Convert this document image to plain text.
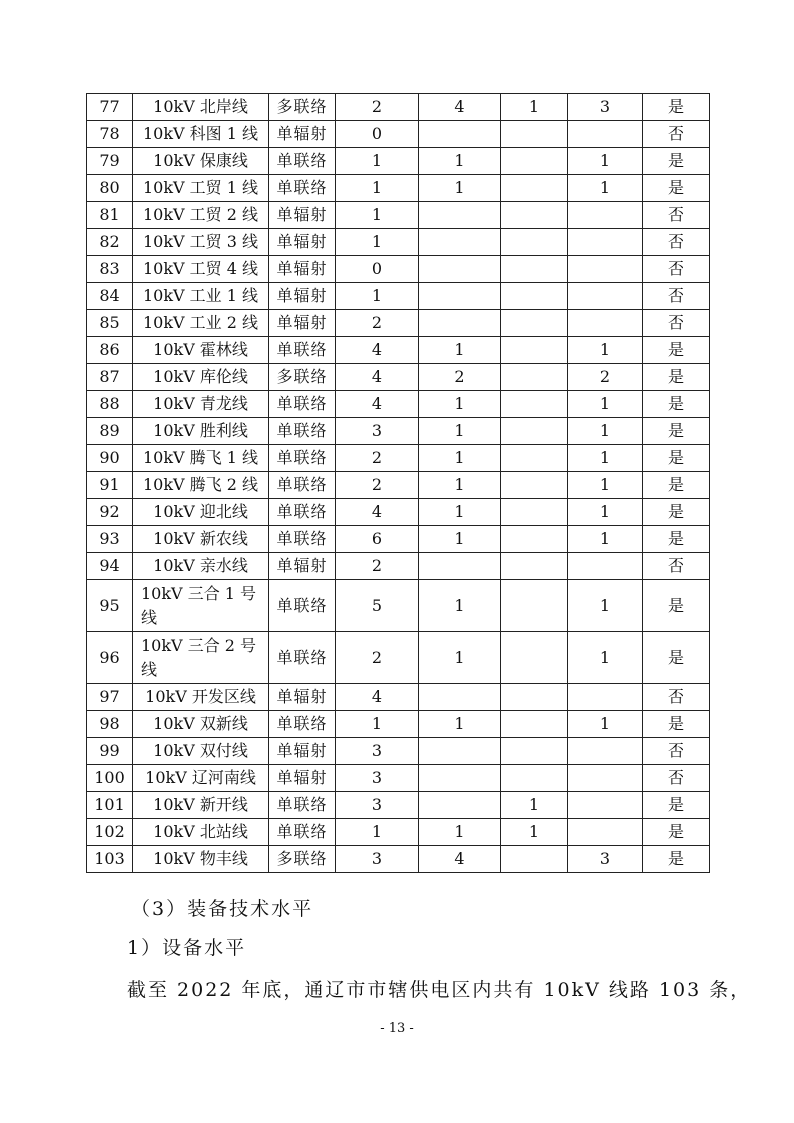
77	10kV 北岸线	多联络	2	4	1	3	是
78	10kV 科图 1 线	单辐射	0				否
79	10kV 保康线	单联络	1	1		1	是
80	10kV 工贸 1 线	单联络	1	1		1	是
81	10kV 工贸 2 线	单辐射	1				否
82	10kV 工贸 3 线	单辐射	1				否
83	10kV 工贸 4 线	单辐射	0				否
84	10kV 工业 1 线	单辐射	1				否
85	10kV 工业 2 线	单辐射	2				否
86	10kV 霍林线	单联络	4	1		1	是
87	10kV 库伦线	多联络	4	2		2	是
88	10kV 青龙线	单联络	4	1		1	是
89	10kV 胜利线	单联络	3	1		1	是
90	10kV 腾飞 1 线	单联络	2	1		1	是
91	10kV 腾飞 2 线	单联络	2	1		1	是
92	10kV 迎北线	单联络	4	1		1	是
93	10kV 新农线	单联络	6	1		1	是
94	10kV 亲水线	单辐射	2				否
95	10kV 三合 1 号线	单联络	5	1		1	是
96	10kV 三合 2 号线	单联络	2	1		1	是
97	10kV 开发区线	单辐射	4				否
98	10kV 双新线	单联络	1	1		1	是
99	10kV 双付线	单辐射	3				否
100	10kV 辽河南线	单辐射	3				否
101	10kV 新开线	单联络	3		1		是
102	10kV 北站线	单联络	1	1	1		是
103	10kV 物丰线	多联络	3	4		3	是
（3）装备技术水平
1）设备水平
截至 2022 年底，通辽市市辖供电区内共有 10kV 线路 103 条，
- 13 -
